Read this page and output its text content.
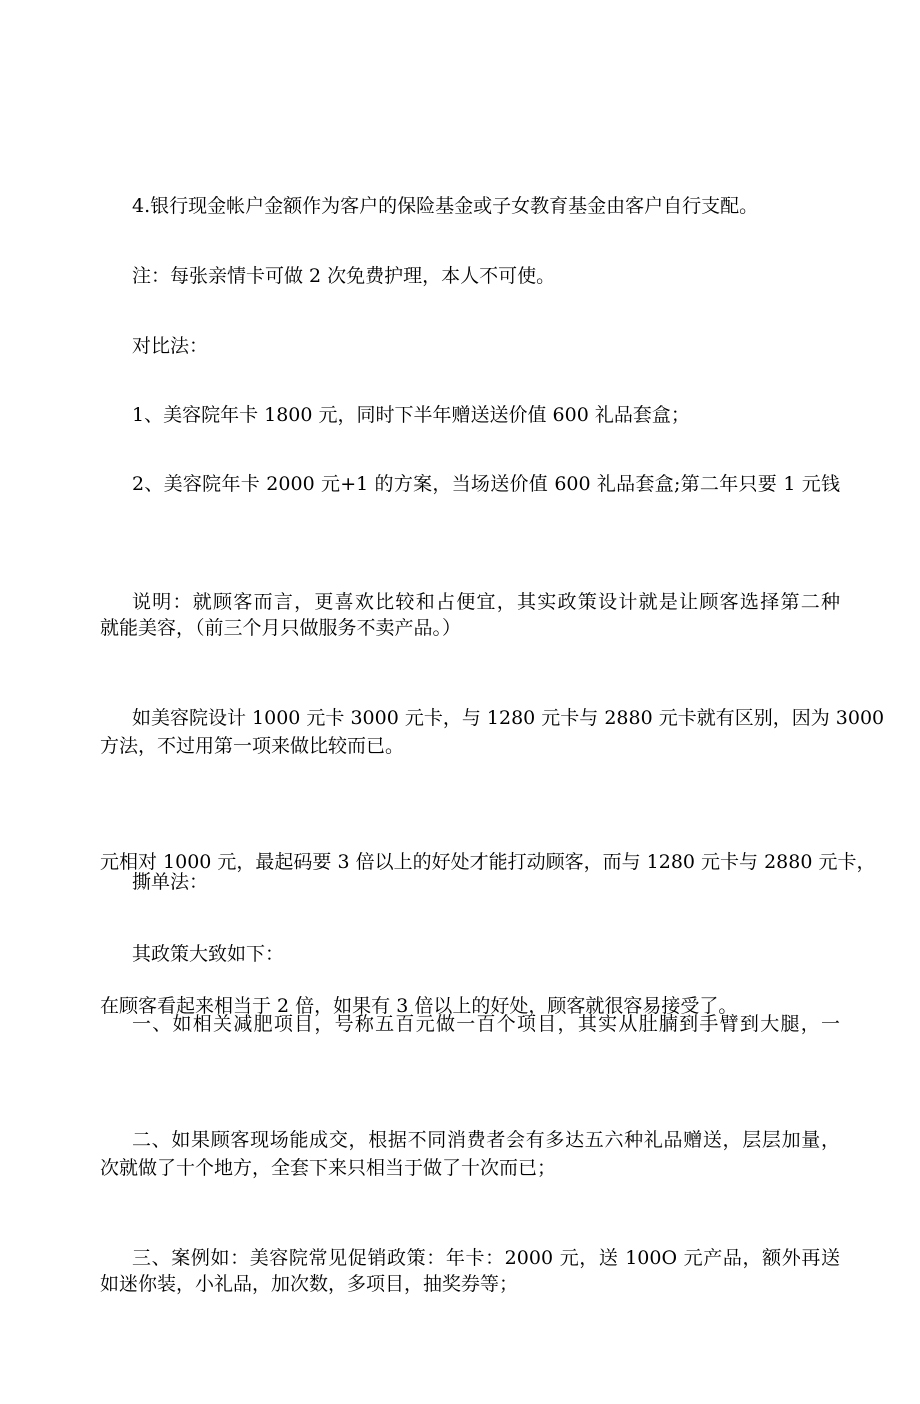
4.银行现金帐户金额作为客户的保险基金或子女教育基金由客户自行支配。

注：每张亲情卡可做 2 次免费护理，本人不可使。

对比法：

1、美容院年卡 1800 元，同时下半年赠送送价值 600 礼品套盒；

2、美容院年卡 2000 元+1 的方案，当场送价值 600 礼品套盒;第二年只要 1 元钱

就能美容，（前三个月只做服务不卖产品。）

说明：就顾客而言，更喜欢比较和占便宜，其实政策设计就是让顾客选择第二种

方法，不过用第一项来做比较而已。

如美容院设计 1000 元卡 3000 元卡，与 1280 元卡与 2880 元卡就有区别，因为 3000

元相对 1000 元，最起码要 3 倍以上的好处才能打动顾客，而与 1280 元卡与 2880 元卡，

在顾客看起来相当于 2 倍，如果有 3 倍以上的好处，顾客就很容易接受了。

撕单法：

其政策大致如下：

一、如相关减肥项目，号称五百元做一百个项目，其实从肚腩到手臂到大腿，一

次就做了十个地方，全套下来只相当于做了十次而已；

二、如果顾客现场能成交，根据不同消费者会有多达五六种礼品赠送，层层加量，

如迷你装，小礼品，加次数，多项目，抽奖券等；

三、案例如：美容院常见促销政策：年卡：2000 元，送 100O 元产品，额外再送
